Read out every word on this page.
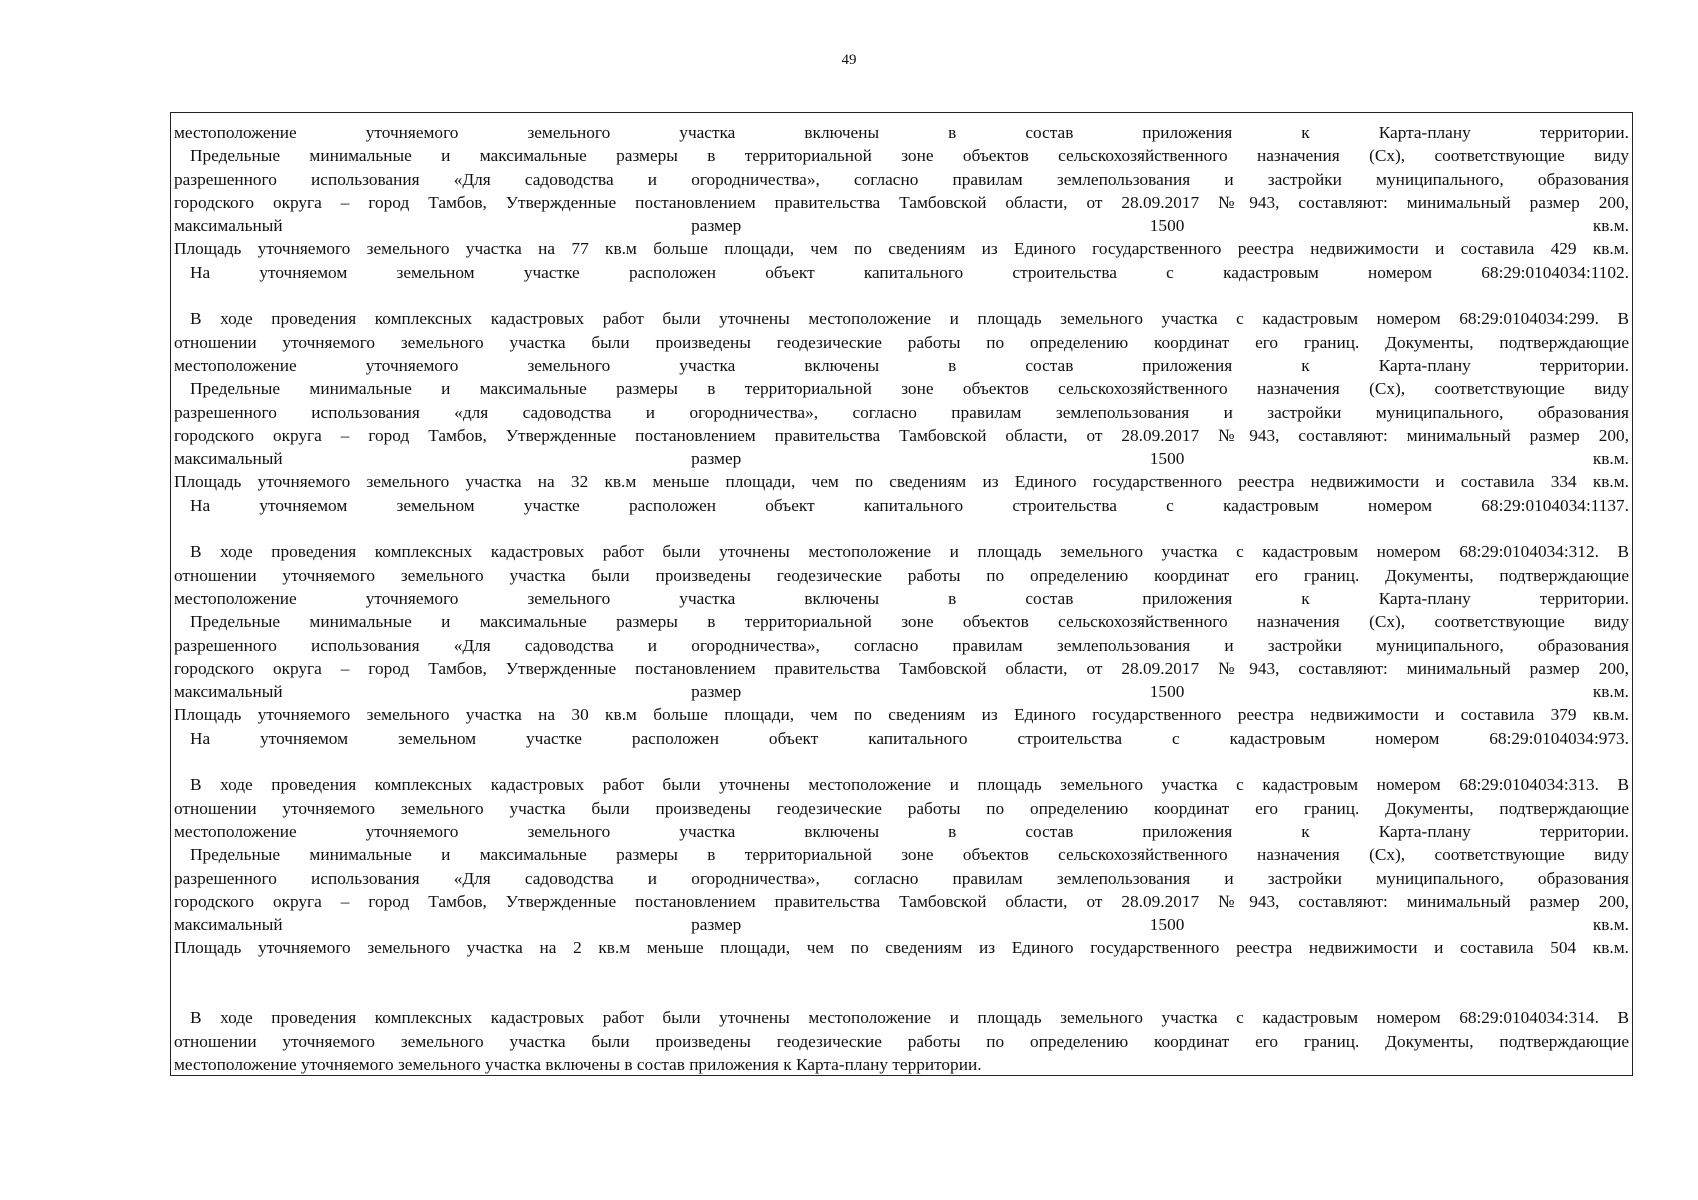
49
местоположение уточняемого земельного участка включены в состав приложения к Карта-плану территории.
Предельные минимальные и максимальные размеры в территориальной зоне объектов сельскохозяйственного назначения (Сх), соответствующие виду
разрешенного использования «Для садоводства и огородничества», согласно правилам землепользования и застройки муниципального, образования
городского округа – город Тамбов, Утвержденные постановлением правительства Тамбовской области, от 28.09.2017 №943, составляют: минимальный размер 200,
максимальный размер 1500 кв.м.
Площадь уточняемого земельного участка на 77 кв.м больше площади, чем по сведениям из Единого государственного реестра недвижимости и составила 429 кв.м.
На уточняемом земельном участке расположен объект капитального строительства с кадастровым номером 68:29:0104034:1102.
В ходе проведения комплексных кадастровых работ были уточнены местоположение и площадь земельного участка с кадастровым номером 68:29:0104034:299. В
отношении уточняемого земельного участка были произведены геодезические работы по определению координат его границ. Документы, подтверждающие
местоположение уточняемого земельного участка включены в состав приложения к Карта-плану территории.
Предельные минимальные и максимальные размеры в территориальной зоне объектов сельскохозяйственного назначения (Сх), соответствующие виду
разрешенного использования «для садоводства и огородничества», согласно правилам землепользования и застройки муниципального, образования
городского округа – город Тамбов, Утвержденные постановлением правительства Тамбовской области, от 28.09.2017 №943, составляют: минимальный размер 200,
максимальный размер 1500 кв.м.
Площадь уточняемого земельного участка на 32 кв.м меньше площади, чем по сведениям из Единого государственного реестра недвижимости и составила 334 кв.м.
На уточняемом земельном участке расположен объект капитального строительства с кадастровым номером 68:29:0104034:1137.
В ходе проведения комплексных кадастровых работ были уточнены местоположение и площадь земельного участка с кадастровым номером 68:29:0104034:312. В
отношении уточняемого земельного участка были произведены геодезические работы по определению координат его границ. Документы, подтверждающие
местоположение уточняемого земельного участка включены в состав приложения к Карта-плану территории.
Предельные минимальные и максимальные размеры в территориальной зоне объектов сельскохозяйственного назначения (Сх), соответствующие виду
разрешенного использования «Для садоводства и огородничества», согласно правилам землепользования и застройки муниципального, образования
городского округа – город Тамбов, Утвержденные постановлением правительства Тамбовской области, от 28.09.2017 №943, составляют: минимальный размер 200,
максимальный размер 1500 кв.м.
Площадь уточняемого земельного участка на 30 кв.м больше площади, чем по сведениям из Единого государственного реестра недвижимости и составила 379 кв.м.
На уточняемом земельном участке расположен объект капитального строительства с кадастровым номером 68:29:0104034:973.
В ходе проведения комплексных кадастровых работ были уточнены местоположение и площадь земельного участка с кадастровым номером 68:29:0104034:313. В
отношении уточняемого земельного участка были произведены геодезические работы по определению координат его границ. Документы, подтверждающие
местоположение уточняемого земельного участка включены в состав приложения к Карта-плану территории.
Предельные минимальные и максимальные размеры в территориальной зоне объектов сельскохозяйственного назначения (Сх), соответствующие виду
разрешенного использования «Для садоводства и огородничества», согласно правилам землепользования и застройки муниципального, образования
городского округа – город Тамбов, Утвержденные постановлением правительства Тамбовской области, от 28.09.2017 №943, составляют: минимальный размер 200,
максимальный размер 1500 кв.м.
Площадь уточняемого земельного участка на 2 кв.м меньше площади, чем по сведениям из Единого государственного реестра недвижимости и составила 504 кв.м.
В ходе проведения комплексных кадастровых работ были уточнены местоположение и площадь земельного участка с кадастровым номером 68:29:0104034:314. В
отношении уточняемого земельного участка были произведены геодезические работы по определению координат его границ. Документы, подтверждающие
местоположение уточняемого земельного участка включены в состав приложения к Карта-плану территории.
